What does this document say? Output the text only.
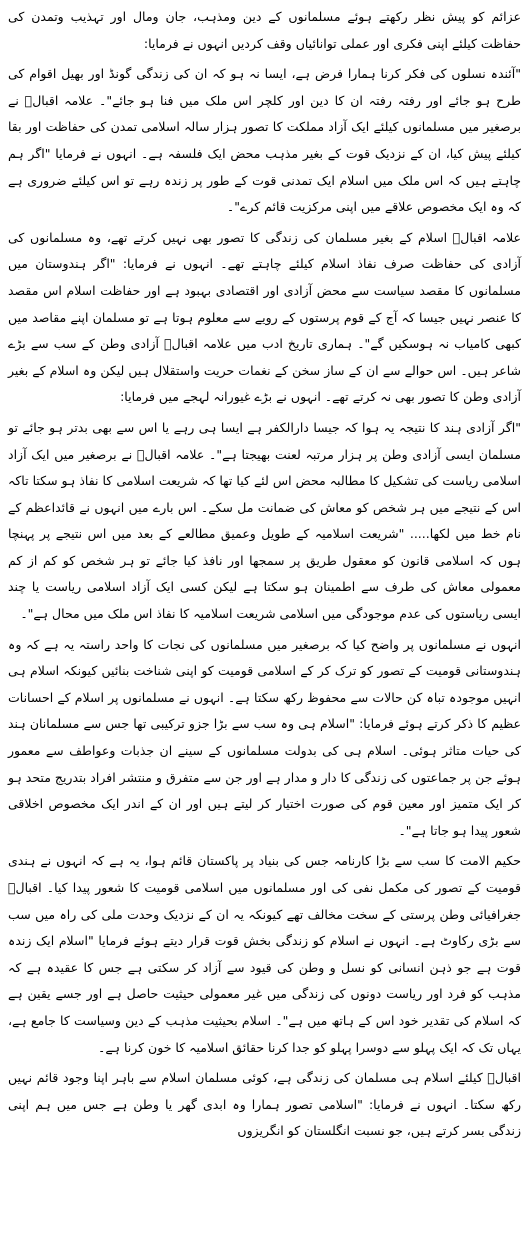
عزائم کو پیش نظر رکھتے ہوئے مسلمانوں کے دین ومذہب، جان ومال اور تہذیب وتمدن کی حفاظت کیلئے اپنی فکری اور عملی توانائیاں وقف کردیں انہوں نے فرمایا:

"آئندہ نسلوں کی فکر کرنا ہمارا فرض ہے، ایسا نہ ہو کہ ان کی زندگی گونڈ اور بھیل اقوام کی طرح ہو جائے اور رفتہ رفتہ ان کا دین اور کلچر اس ملک میں فنا ہو جائے"۔ علامہ اقبالؒ نے برصغیر میں مسلمانوں کیلئے ایک آزاد مملکت کا تصور ہزار سالہ اسلامی تمدن کی حفاظت اور بقا کیلئے پیش کیا، ان کے نزدیک قوت کے بغیر مذہب محض ایک فلسفہ ہے۔ انہوں نے فرمایا "اگر ہم چاہتے ہیں کہ اس ملک میں اسلام ایک تمدنی قوت کے طور پر زندہ رہے تو اس کیلئے ضروری ہے کہ وہ ایک مخصوص علاقے میں اپنی مرکزیت قائم کرے"۔

علامہ اقبالؒ اسلام کے بغیر مسلمان کی زندگی کا تصور بھی نہیں کرتے تھے، وہ مسلمانوں کی آزادی کی حفاظت صرف نفاذ اسلام کیلئے چاہتے تھے۔ انہوں نے فرمایا: "اگر ہندوستان میں مسلمانوں کا مقصد سیاست سے محض آزادی اور اقتصادی بہبود ہے اور حفاظت اسلام اس مقصد کا عنصر نہیں جیسا کہ آج کے قوم پرستوں کے رویے سے معلوم ہوتا ہے تو مسلمان اپنے مقاصد میں کبھی کامیاب نہ ہوسکیں گے"۔ ہماری تاریخ ادب میں علامہ اقبالؒ آزادی وطن کے سب سے بڑے شاعر ہیں۔ اس حوالے سے ان کے ساز سخن کے نغمات حریت واستقلال ہیں لیکن وہ اسلام کے بغیر آزادی وطن کا تصور بھی نہ کرتے تھے۔ انہوں نے بڑے غیورانہ لہجے میں فرمایا:

"اگر آزادی ہند کا نتیجہ یہ ہوا کہ جیسا دارالکفر ہے ایسا ہی رہے یا اس سے بھی بدتر ہو جائے تو مسلمان ایسی آزادی وطن پر ہزار مرتبہ لعنت بھیجتا ہے"۔ علامہ اقبالؒ نے برصغیر میں ایک آزاد اسلامی ریاست کی تشکیل کا مطالبہ محض اس لئے کیا تھا کہ شریعت اسلامی کا نفاذ ہو سکتا تاکہ اس کے نتیجے میں ہر شخص کو معاش کی ضمانت مل سکے۔ اس بارے میں انہوں نے قائداعظم کے نام خط میں لکھا..... "شریعت اسلامیہ کے طویل وعمیق مطالعے کے بعد میں اس نتیجے پر پہنچا ہوں کہ اسلامی قانون کو معقول طریق پر سمجھا اور نافذ کیا جائے تو ہر شخص کو کم از کم معمولی معاش کی طرف سے اطمینان ہو سکتا ہے لیکن کسی ایک آزاد اسلامی ریاست یا چند ایسی ریاستوں کی عدم موجودگی میں اسلامی شریعت اسلامیہ کا نفاذ اس ملک میں محال ہے"۔

انہوں نے مسلمانوں پر واضح کیا کہ برصغیر میں مسلمانوں کی نجات کا واحد راستہ یہ ہے کہ وہ ہندوستانی قومیت کے تصور کو ترک کر کے اسلامی قومیت کو اپنی شناخت بنائیں کیونکہ اسلام ہی انہیں موجودہ تباہ کن حالات سے محفوظ رکھ سکتا ہے۔ انہوں نے مسلمانوں پر اسلام کے احسانات عظیم کا ذکر کرتے ہوئے فرمایا: "اسلام ہی وہ سب سے بڑا جزو ترکیبی تھا جس سے مسلمانان ہند کی حیات متاثر ہوئی۔ اسلام ہی کی بدولت مسلمانوں کے سینے ان جذبات وعواطف سے معمور ہوئے جن پر جماعتوں کی زندگی کا دار و مدار ہے اور جن سے متفرق و منتشر افراد بتدریج متحد ہو کر ایک متمیز اور معین قوم کی صورت اختیار کر لیتے ہیں اور ان کے اندر ایک مخصوص اخلاقی شعور پیدا ہو جاتا ہے"۔

حکیم الامت کا سب سے بڑا کارنامہ جس کی بنیاد پر پاکستان قائم ہوا، یہ ہے کہ انہوں نے ہندی قومیت کے تصور کی مکمل نفی کی اور مسلمانوں میں اسلامی قومیت کا شعور پیدا کیا۔ اقبالؒ جغرافیائی وطن پرستی کے سخت مخالف تھے کیونکہ یہ ان کے نزدیک وحدت ملی کی راہ میں سب سے بڑی رکاوٹ ہے۔ انہوں نے اسلام کو زندگی بخش قوت قرار دیتے ہوئے فرمایا "اسلام ایک زندہ قوت ہے جو ذہن انسانی کو نسل و وطن کی قیود سے آزاد کر سکتی ہے جس کا عقیدہ ہے کہ مذہب کو فرد اور ریاست دونوں کی زندگی میں غیر معمولی حیثیت حاصل ہے اور جسے یقین ہے کہ اسلام کی تقدیر خود اس کے ہاتھ میں ہے"۔ اسلام بحیثیت مذہب کے دین وسیاست کا جامع ہے، یہاں تک کہ ایک پہلو سے دوسرا پہلو کو جدا کرنا حقائق اسلامیہ کا خون کرنا ہے۔

اقبالؒ کیلئے اسلام ہی مسلمان کی زندگی ہے، کوئی مسلمان اسلام سے باہر اپنا وجود قائم نہیں رکھ سکتا۔ انہوں نے فرمایا: "اسلامی تصور ہمارا وہ ابدی گھر یا وطن ہے جس میں ہم اپنی زندگی بسر کرتے ہیں، جو نسبت انگلستان کو انگریزوں
